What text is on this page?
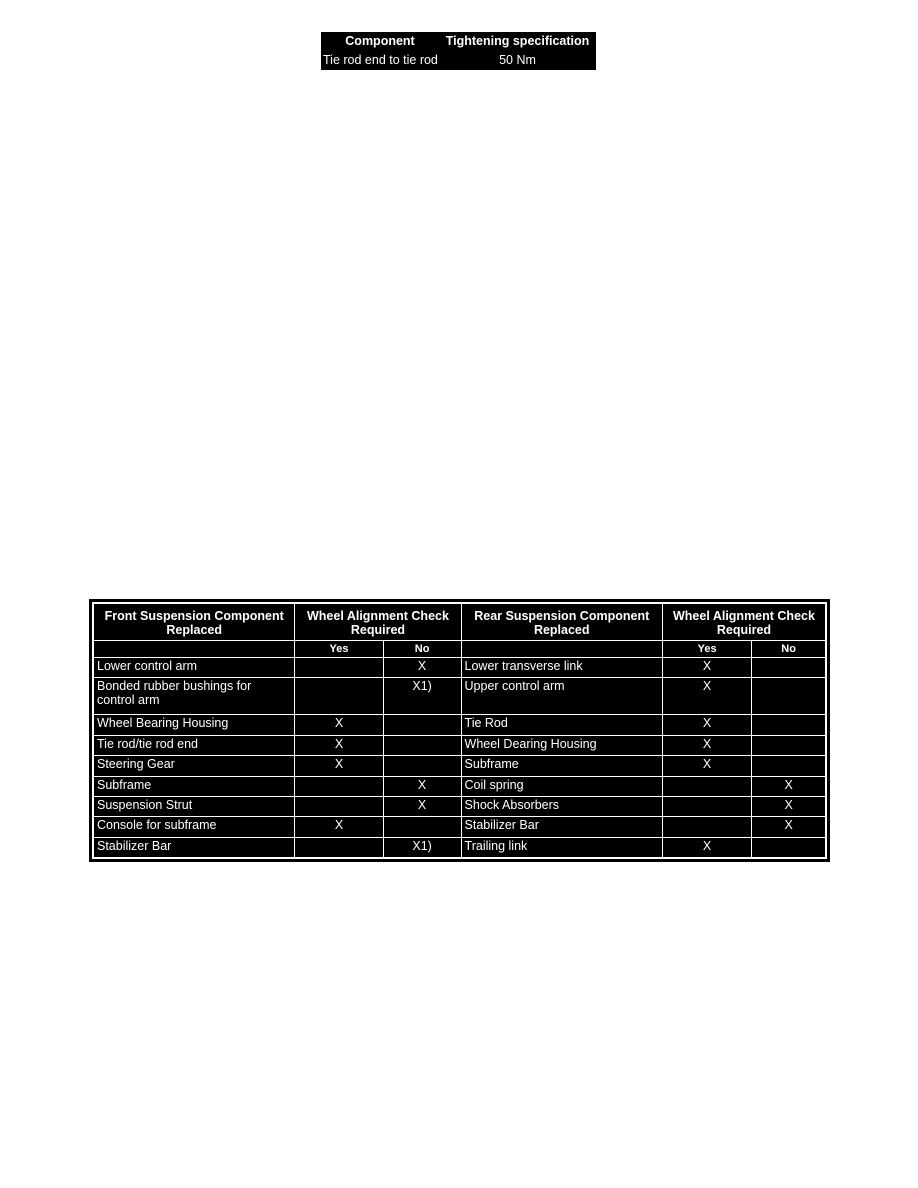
Component	Tightening specification
Tie rod end to tie rod	50 Nm
Front Suspension Component Replaced	Wheel Alignment Check Required		Rear Suspension Component Replaced	Wheel Alignment Check Required	
	Yes	No		Yes	No
Lower control arm		X	Lower transverse link	X	
Bonded rubber bushings for control arm		X1)	Upper control arm	X	
Wheel Bearing Housing	X		Tie Rod	X	
Tie rod/tie rod end	X		Wheel Dearing Housing	X	
Steering Gear	X		Subframe	X	
Subframe		X	Coil spring		X
Suspension Strut		X	Shock Absorbers		X
Console for subframe	X		Stabilizer Bar		X
Stabilizer Bar		X1)	Trailing link	X	
